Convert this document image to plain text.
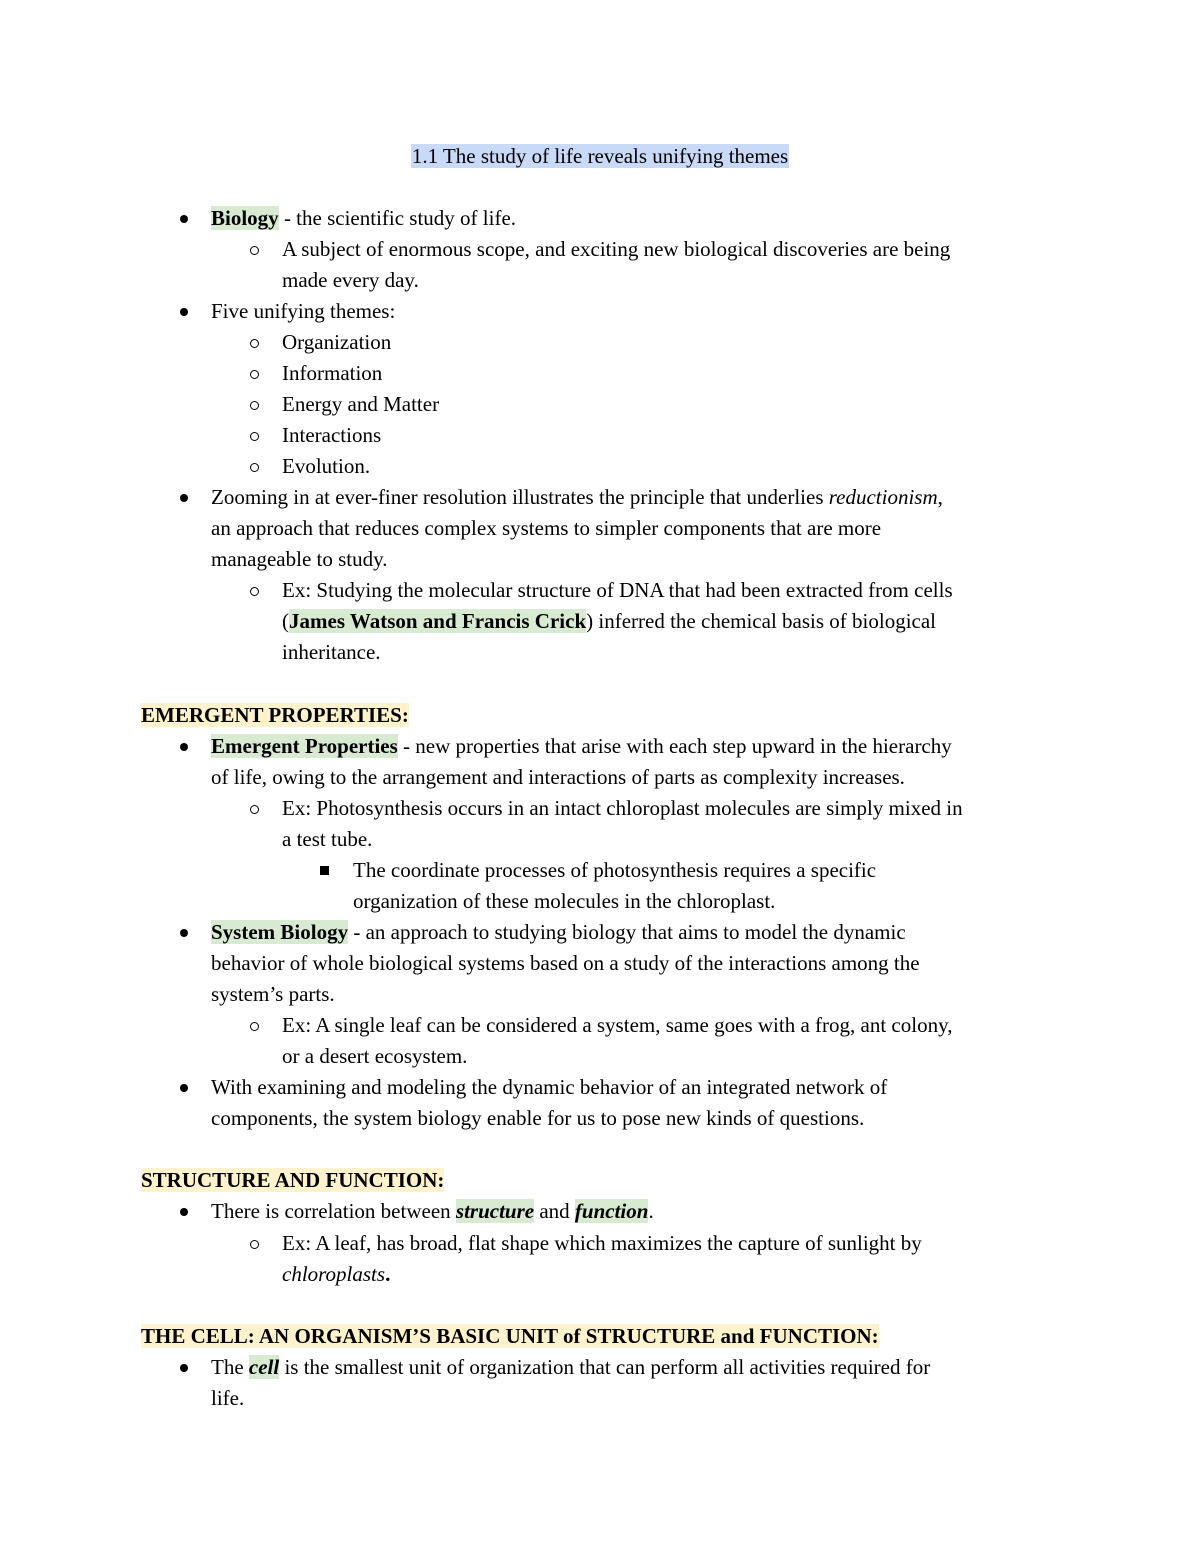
1.1 The study of life reveals unifying themes
Biology - the scientific study of life.
A subject of enormous scope, and exciting new biological discoveries are being
made every day.
Five unifying themes:
Organization
Information
Energy and Matter
Interactions
Evolution.
Zooming in at ever-finer resolution illustrates the principle that underlies reductionism,
an approach that reduces complex systems to simpler components that are more
manageable to study.
Ex: Studying the molecular structure of DNA that had been extracted from cells
(James Watson and Francis Crick) inferred the chemical basis of biological
inheritance.
EMERGENT PROPERTIES:
Emergent Properties - new properties that arise with each step upward in the hierarchy
of life, owing to the arrangement and interactions of parts as complexity increases.
Ex: Photosynthesis occurs in an intact chloroplast molecules are simply mixed in
a test tube.
The coordinate processes of photosynthesis requires a specific
organization of these molecules in the chloroplast.
System Biology - an approach to studying biology that aims to model the dynamic
behavior of whole biological systems based on a study of the interactions among the
system’s parts.
Ex: A single leaf can be considered a system, same goes with a frog, ant colony,
or a desert ecosystem.
With examining and modeling the dynamic behavior of an integrated network of
components, the system biology enable for us to pose new kinds of questions.
STRUCTURE AND FUNCTION:
There is correlation between structure and function.
Ex: A leaf, has broad, flat shape which maximizes the capture of sunlight by
chloroplasts.
THE CELL: AN ORGANISM’S BASIC UNIT of STRUCTURE and FUNCTION:
The cell is the smallest unit of organization that can perform all activities required for
life.
